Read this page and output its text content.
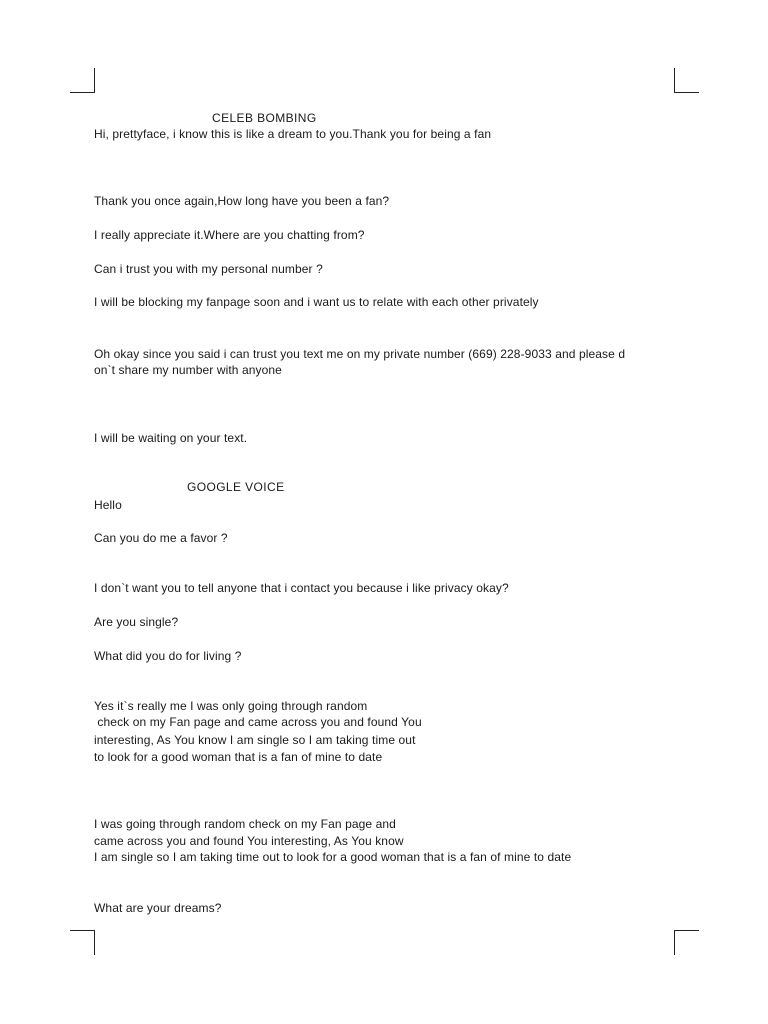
CELEB BOMBING
Hi, prettyface, i know this is like a dream to you.Thank you for being a fan
Thank you once again,How long have you been a fan?
I really appreciate it.Where are you chatting from?
Can i trust you with my personal number ?
I will be blocking my fanpage soon and i want us to relate with each other privately
Oh okay since you said i can trust you text me on my private number (669) 228-9033 and please d
on`t share my number with anyone
I will be waiting on your text.
GOOGLE VOICE
Hello
Can you do me a favor ?
I don`t want you to tell anyone that i contact you because i like privacy okay?
Are you single?
What did you do for living ?
Yes it`s really me I was only going through random
check on my Fan page and came across you and found You
interesting, As You know I am single so I am taking time out
to look for a good woman that is a fan of mine to date
I was going through random check on my Fan page and
came across you and found You interesting, As You know
I am single so I am taking time out to look for a good woman that is a fan of mine to date
What are your dreams?
